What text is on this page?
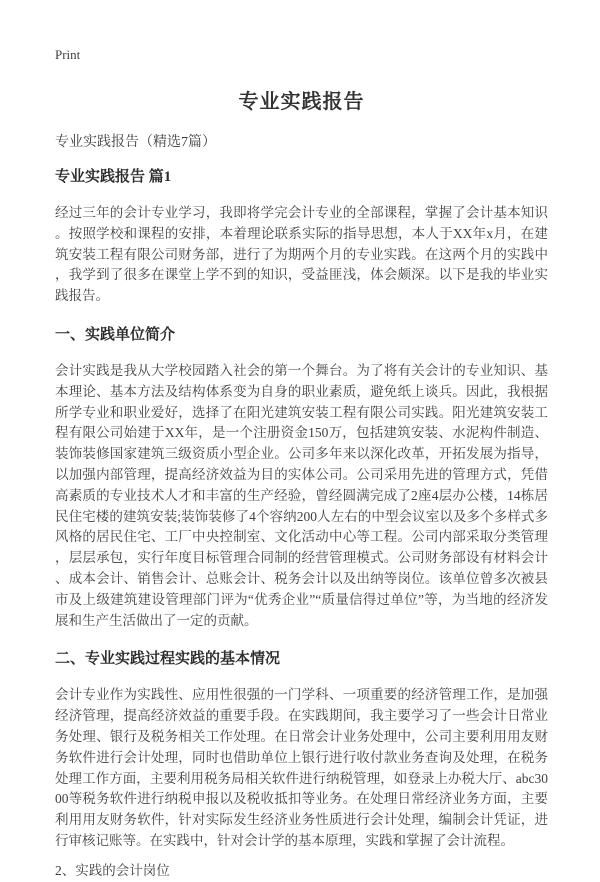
Print
专业实践报告

专业实践报告（精选7篇）

专业实践报告 篇1

经过三年的会计专业学习，我即将学完会计专业的全部课程，掌握了会计基本知识。按照学校和课程的安排，本着理论联系实际的指导思想，本人于XX年x月，在建筑安装工程有限公司财务部，进行了为期两个月的专业实践。在这两个月的实践中，我学到了很多在课堂上学不到的知识，受益匪浅，体会颇深。以下是我的毕业实践报告。

一、实践单位简介

会计实践是我从大学校园踏入社会的第一个舞台。为了将有关会计的专业知识、基本理论、基本方法及结构体系变为自身的职业素质，避免纸上谈兵。因此，我根据所学专业和职业爱好，选择了在阳光建筑安装工程有限公司实践。阳光建筑安装工程有限公司始建于XX年，是一个注册资金150万，包括建筑安装、水泥构件制造、装饰装修国家建筑三级资质小型企业。公司多年来以深化改革，开拓发展为指导，以加强内部管理，提高经济效益为目的实体公司。公司采用先进的管理方式，凭借高素质的专业技术人才和丰富的生产经验，曾经圆满完成了2座4层办公楼，14栋居民住宅楼的建筑安装;装饰装修了4个容纳200人左右的中型会议室以及多个多样式多风格的居民住宅、工厂中央控制室、文化活动中心等工程。公司内部采取分类管理，层层承包，实行年度目标管理合同制的经营管理模式。公司财务部设有材料会计、成本会计、销售会计、总账会计、税务会计以及出纳等岗位。该单位曾多次被县市及上级建筑建设管理部门评为“优秀企业”“质量信得过单位”等，为当地的经济发展和生产生活做出了一定的贡献。

二、专业实践过程实践的基本情况

会计专业作为实践性、应用性很强的一门学科、一项重要的经济管理工作，是加强经济管理，提高经济效益的重要手段。在实践期间，我主要学习了一些会计日常业务处理、银行及税务相关工作处理。在日常会计业务处理中，公司主要利用用友财务软件进行会计处理，同时也借助单位上银行进行收付款业务查询及处理，在税务处理工作方面，主要利用税务局相关软件进行纳税管理，如登录上办税大厅、abc3000等税务软件进行纳税申报以及税收抵扣等业务。在处理日常经济业务方面，主要利用用友财务软件，针对实际发生经济业务性质进行会计处理，编制会计凭证，进行审核记账等。在实践中，针对会计学的基本原理，实践和掌握了会计流程。

2、实践的会计岗位
